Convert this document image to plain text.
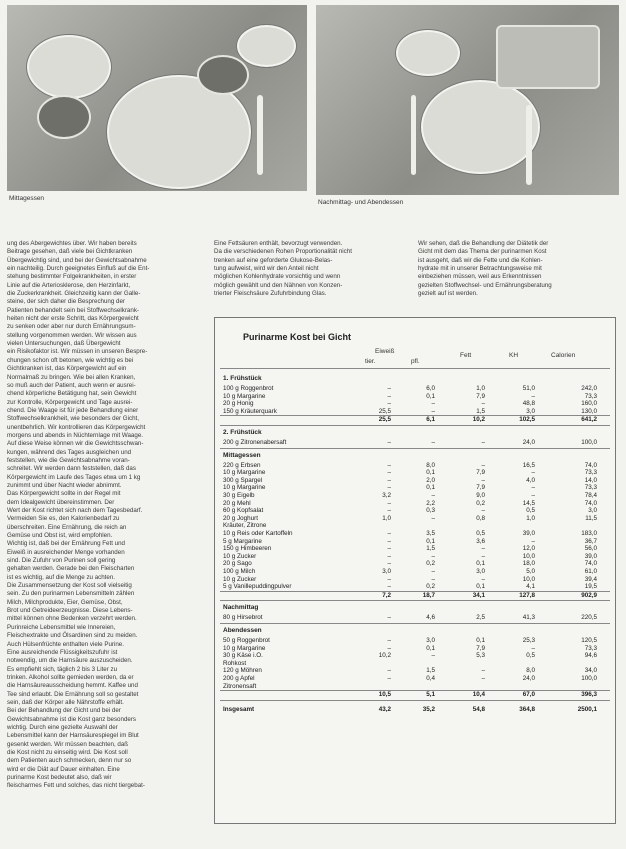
Mittagessen
Nachmittag- und Abendessen

ung des Abergewichtes über. Wir haben bereits

Beitrage gesehen, daß viele bei Gichtkranken

Übergewichtig sind, und bei der Gewichtsabnahme

ein nachteilig. Durch geeignetes Einfluß auf die Ent-

stehung bestimmter Folgekrankheiten, in erster

Linie auf die Arteriosklerose, den Herzinfarkt,

die Zuckerkrankheit. Gleichzeitig kann der Galle-

steine, der sich daher die Besprechung der

Patienten behandelt sein bei Stoffwechselkrank-

heiten nicht der erste Schritt, das Körpergewicht

zu senken oder aber nur durch Ernährungsum-

stellung vorgenommen werden. Wir wissen aus

vielen Untersuchungen, daß Übergewicht

ein Risikofaktor ist. Wir müssen in unseren Bespre-

chungen schon oft betonen, wie wichtig es bei

Gichtkranken ist, das Körpergewicht auf ein

Normalmaß zu bringen. Wie bei allen Kranken,

so muß auch der Patient, auch wenn er ausrei-

chend körperliche Betätigung hat, sein Gewicht

zur Kontrolle, Körpergewicht und Tage ausrei-

chend. Die Waage ist für jede Behandlung einer

Stoffwechselkrankheit, wie besonders der Gicht,

unentbehrlich. Wir kontrollieren das Körpergewicht

morgens und abends in Nüchternlage mit Waage.

Auf diese Weise können wir die Gewichtsschwan-

kungen, während des Tages ausgleichen und

feststellen, wie die Gewichtsabnahme voran-

schreitet. Wir werden dann feststellen, daß das

Körpergewicht im Laufe des Tages etwa um 1 kg

zunimmt und über Nacht wieder abnimmt.

Das Körpergewicht sollte in der Regel mit

dem Idealgewicht übereinstimmen. Der

Wert der Kost richtet sich nach dem Tagesbedarf.

Vermeiden Sie es, den Kalorienbedarf zu

überschreiten. Eine Ernährung, die reich an

Gemüse und Obst ist, wird empfohlen.

Wichtig ist, daß bei der Ernährung Fett und

Eiweiß in ausreichender Menge vorhanden

sind. Die Zufuhr von Purinen soll gering

gehalten werden. Gerade bei den Fleischarten

ist es wichtig, auf die Menge zu achten.

Die Zusammensetzung der Kost soll vielseitig

sein. Zu den purinarmen Lebensmitteln zählen

Milch, Milchprodukte, Eier, Gemüse, Obst,

Brot und Getreideerzeugnisse. Diese Lebens-

mittel können ohne Bedenken verzehrt werden.

Purinreiche Lebensmittel wie Innereien,

Fleischextrakte und Ölsardinen sind zu meiden.

Auch Hülsenfrüchte enthalten viele Purine.

Eine ausreichende Flüssigkeitszufuhr ist

notwendig, um die Harnsäure auszuscheiden.

Es empfiehlt sich, täglich 2 bis 3 Liter zu

trinken. Alkohol sollte gemieden werden, da er

die Harnsäureausscheidung hemmt. Kaffee und

Tee sind erlaubt. Die Ernährung soll so gestaltet

sein, daß der Körper alle Nährstoffe erhält.

Bei der Behandlung der Gicht und bei der

Gewichtsabnahme ist die Kost ganz besonders

wichtig. Durch eine gezielte Auswahl der

Lebensmittel kann der Harnsäurespiegel im Blut

gesenkt werden. Wir müssen beachten, daß

die Kost nicht zu einseitig wird. Die Kost soll

dem Patienten auch schmecken, denn nur so

wird er die Diät auf Dauer einhalten. Eine

purinarme Kost bedeutet also, daß wir

fleischarmes Fett und solches, das nicht tiergebat-

Eine Fettsäuren enthält, bevorzugt verwenden.

Da die verschiedenen Rohen Proportionalität nicht

trenken auf eine geforderte Glukose-Belas-

tung aufweist, wird wir den Anteil nicht

möglichen Kohlenhydrate vorsichtig und wenn

möglich gewählt und den Nähnen von Konzen-

trierter Fleischsäure Zufuhrbindung Glas.

Wir sehen, daß die Behandlung der Diätetik der

Gicht mit dem das Thema der purinarmen Kost

ist ausgeht, daß wir die Fette und die Kohlen-

hydrate mit in unserer Betrachtungsweise mit

einbeziehen müssen, weil aus Erkenntnissen

gezielten Stoffwechsel- und Ernährungsberatung

gezielt auf ist werden.

Purinarme Kost bei Gicht
Eiweiß
tier.	pfl.
Fett	KH	Calorien
1. Frühstück
100 g Roggenbrot	–	6,0	1,0	51,0	242,0
10 g Margarine	–	0,1	7,9	–	73,3
20 g Honig	–	–	–	48,8	160,0
150 g Kräuterquark	25,5	–	1,5	3,0	130,0
25,5	6,1	10,2	102,5	641,2
2. Frühstück
200 g Zitronenabersaft	–	–	–	24,0	100,0
Mittagessen
220 g Erbsen	–	8,0	–	16,5	74,0
10 g Margarine	–	0,1	7,9	–	73,3
300 g Spargel	–	2,0	–	4,0	14,0
10 g Margarine	–	0,1	7,9	–	73,3
30 g Eigelb	3,2	–	9,0	–	78,4
20 g Mehl	–	2,2	0,2	14,5	74,0
60 g Kopfsalat	–	0,3	–	0,5	3,0
20 g Joghurt	1,0	–	0,8	1,0	11,5
Kräuter, Zitrone
10 g Reis oder Kartoffeln	–	3,5	0,5	39,0	183,0
5 g Margarine	–	0,1	3,6	–	36,7
150 g Himbeeren	–	1,5	–	12,0	56,0
10 g Zucker	–	–	–	10,0	39,0
20 g Sago	–	0,2	0,1	18,0	74,0
100 g Milch	3,0	–	3,0	5,0	61,0
10 g Zucker	–	–	–	10,0	39,4
5 g Vanillepuddingpulver	–	0,2	0,1	4,1	19,5
7,2	18,7	34,1	127,8	902,9
Nachmittag
80 g Hirsebrot	–	4,6	2,5	41,3	220,5
Abendessen
50 g Roggenbrot	–	3,0	0,1	25,3	120,5
10 g Margarine	–	0,1	7,9	–	73,3
30 g Käse i.Ö.	10,2	–	5,3	0,5	94,6
Rohkost
120 g Möhren	–	1,5	–	8,0	34,0
200 g Apfel	–	0,4	–	24,0	100,0
Zitronensaft
10,5	5,1	10,4	67,0	396,3
Insgesamt	43,2	35,2	54,8	364,8	2500,1
